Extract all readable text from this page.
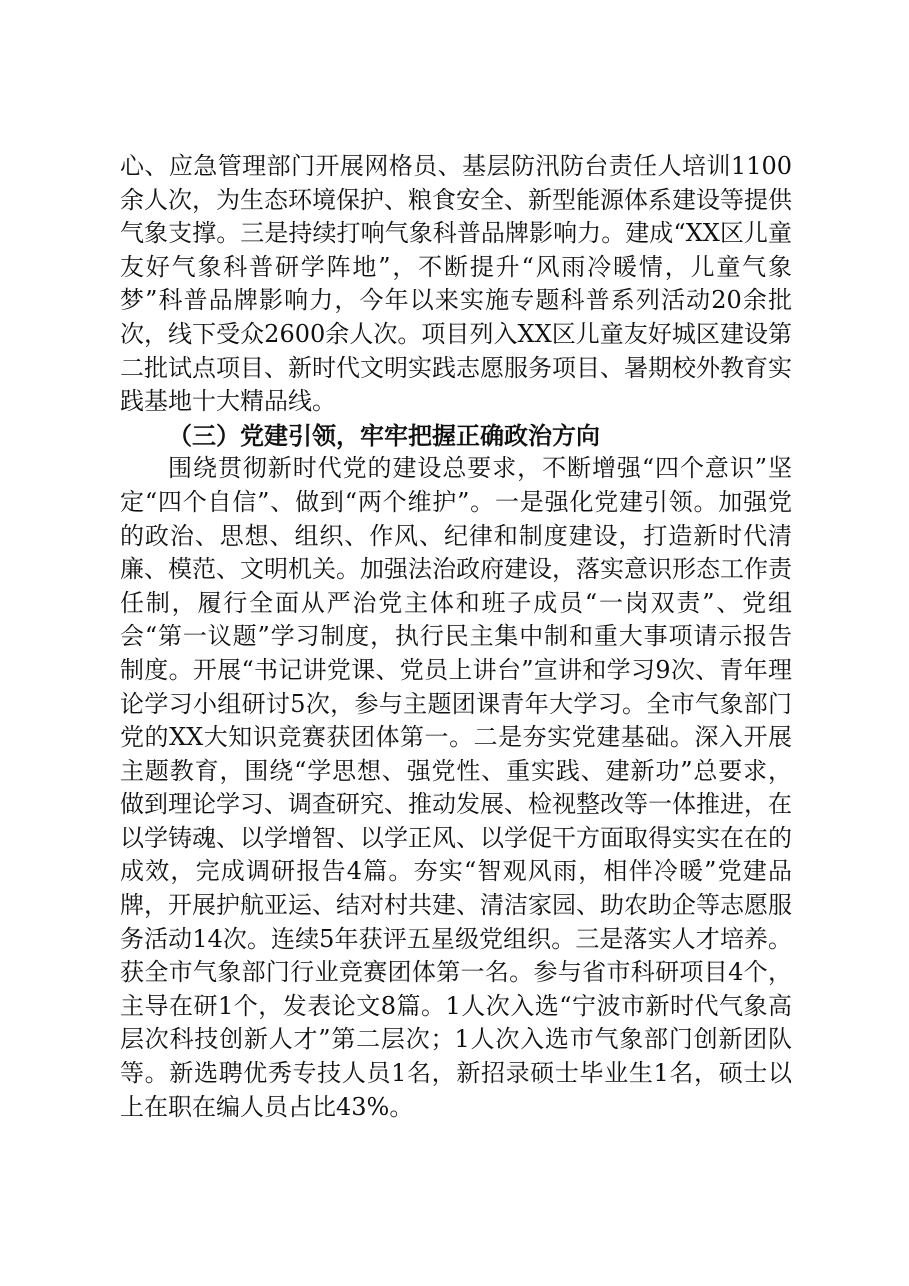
心、应急管理部门开展网格员、基层防汛防台责任人培训1100余人次，为生态环境保护、粮食安全、新型能源体系建设等提供气象支撑。三是持续打响气象科普品牌影响力。建成“XX区儿童友好气象科普研学阵地”，不断提升“风雨冷暖情，儿童气象梦”科普品牌影响力，今年以来实施专题科普系列活动20余批次，线下受众2600余人次。项目列入XX区儿童友好城区建设第二批试点项目、新时代文明实践志愿服务项目、暑期校外教育实践基地十大精品线。

（三）党建引领，牢牢把握正确政治方向

围绕贯彻新时代党的建设总要求，不断增强“四个意识”坚定“四个自信”、做到“两个维护”。一是强化党建引领。加强党的政治、思想、组织、作风、纪律和制度建设，打造新时代清廉、模范、文明机关。加强法治政府建设，落实意识形态工作责任制，履行全面从严治党主体和班子成员“一岗双责”、党组会“第一议题”学习制度，执行民主集中制和重大事项请示报告制度。开展“书记讲党课、党员上讲台”宣讲和学习9次、青年理论学习小组研讨5次，参与主题团课青年大学习。全市气象部门党的XX大知识竞赛获团体第一。二是夯实党建基础。深入开展主题教育，围绕“学思想、强党性、重实践、建新功”总要求，做到理论学习、调查研究、推动发展、检视整改等一体推进，在以学铸魂、以学增智、以学正风、以学促干方面取得实实在在的成效，完成调研报告4篇。夯实“智观风雨，相伴冷暖”党建品牌，开展护航亚运、结对村共建、清洁家园、助农助企等志愿服务活动14次。连续5年获评五星级党组织。三是落实人才培养。获全市气象部门行业竞赛团体第一名。参与省市科研项目4个，主导在研1个，发表论文8篇。1人次入选“宁波市新时代气象高层次科技创新人才”第二层次；1人次入选市气象部门创新团队等。新选聘优秀专技人员1名，新招录硕士毕业生1名，硕士以上在职在编人员占比43%。
